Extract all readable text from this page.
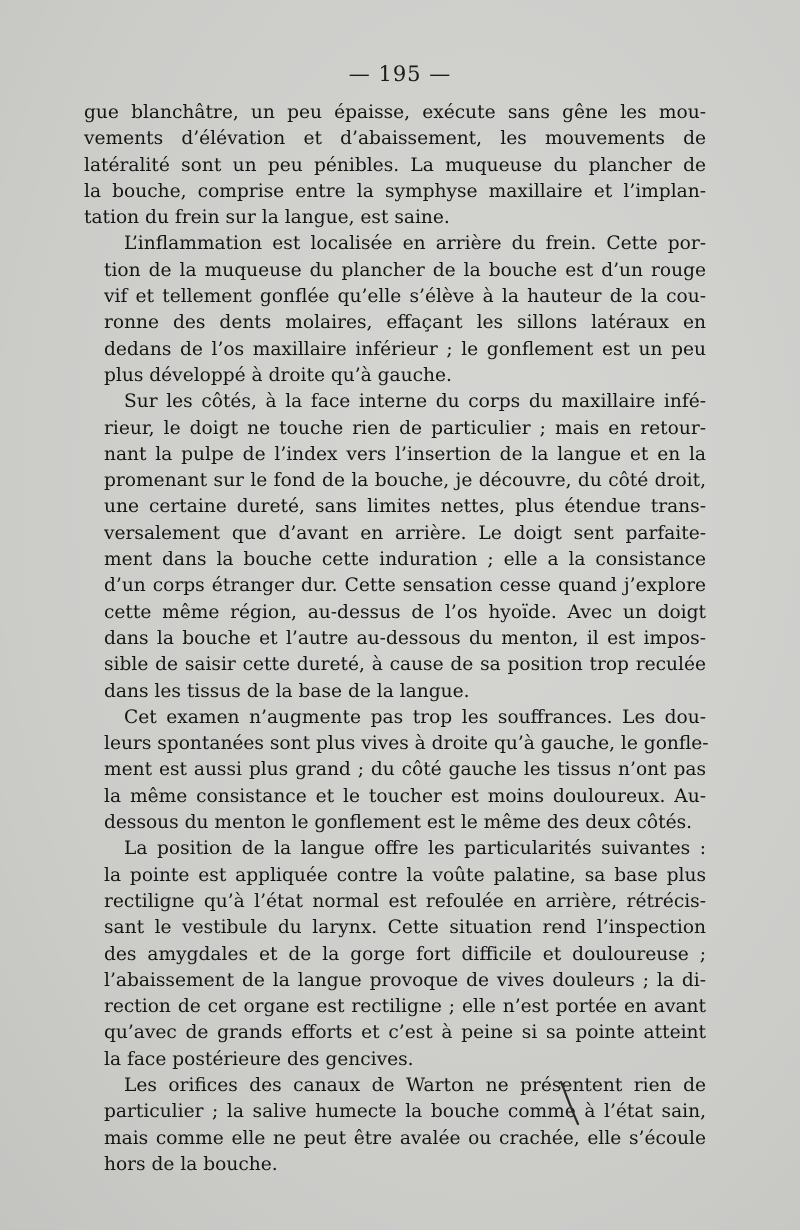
— 195 —

gue blanchâtre, un peu épaisse, exécute sans gêne les mou-
vements d’élévation et d’abaissement, les mouvements de
latéralité sont un peu pénibles. La muqueuse du plancher de
la bouche, comprise entre la symphyse maxillaire et l’implan-
tation du frein sur la langue, est saine.

L’inflammation est localisée en arrière du frein. Cette por-
tion de la muqueuse du plancher de la bouche est d’un rouge
vif et tellement gonflée qu’elle s’élève à la hauteur de la cou-
ronne des dents molaires, effaçant les sillons latéraux en
dedans de l’os maxillaire inférieur ; le gonflement est un peu
plus développé à droite qu’à gauche.

Sur les côtés, à la face interne du corps du maxillaire infé-
rieur, le doigt ne touche rien de particulier ; mais en retour-
nant la pulpe de l’index vers l’insertion de la langue et en la
promenant sur le fond de la bouche, je découvre, du côté droit,
une certaine dureté, sans limites nettes, plus étendue trans-
versalement que d’avant en arrière. Le doigt sent parfaite-
ment dans la bouche cette induration ; elle a la consistance
d’un corps étranger dur. Cette sensation cesse quand j’explore
cette même région, au-dessus de l’os hyoïde. Avec un doigt
dans la bouche et l’autre au-dessous du menton, il est impos-
sible de saisir cette dureté, à cause de sa position trop reculée
dans les tissus de la base de la langue.

Cet examen n’augmente pas trop les souffrances. Les dou-
leurs spontanées sont plus vives à droite qu’à gauche, le gonfle-
ment est aussi plus grand ; du côté gauche les tissus n’ont pas
la même consistance et le toucher est moins douloureux. Au-
dessous du menton le gonflement est le même des deux côtés.

La position de la langue offre les particularités suivantes :
la pointe est appliquée contre la voûte palatine, sa base plus
rectiligne qu’à l’état normal est refoulée en arrière, rétrécis-
sant le vestibule du larynx. Cette situation rend l’inspection
des amygdales et de la gorge fort difficile et douloureuse ;
l’abaissement de la langue provoque de vives douleurs ; la di-
rection de cet organe est rectiligne ; elle n’est portée en avant
qu’avec de grands efforts et c’est à peine si sa pointe atteint
la face postérieure des gencives.

Les orifices des canaux de Warton ne présentent rien de
particulier ; la salive humecte la bouche comme à l’état sain,
mais comme elle ne peut être avalée ou crachée, elle s’écoule
hors de la bouche.
